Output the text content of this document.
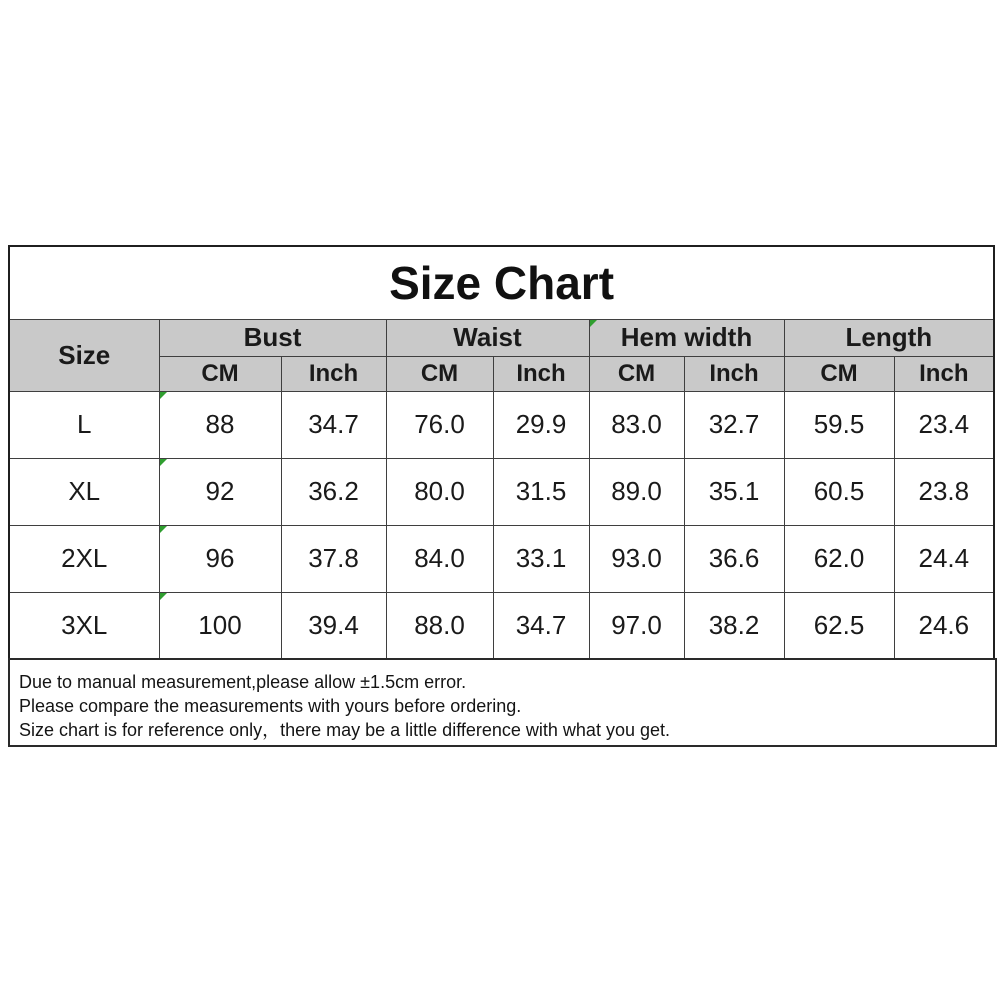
Size Chart								
Size	Bust		Waist		Hem width		Length	
	CM	Inch	CM	Inch	CM	Inch	CM	Inch
L	88	34.7	76.0	29.9	83.0	32.7	59.5	23.4
XL	92	36.2	80.0	31.5	89.0	35.1	60.5	23.8
2XL	96	37.8	84.0	33.1	93.0	36.6	62.0	24.4
3XL	100	39.4	88.0	34.7	97.0	38.2	62.5	24.6
Due to manual measurement,please allow ±1.5cm error.
Please compare the measurements with yours before ordering.
Size chart is for reference only，there may be a little difference with what you get.
